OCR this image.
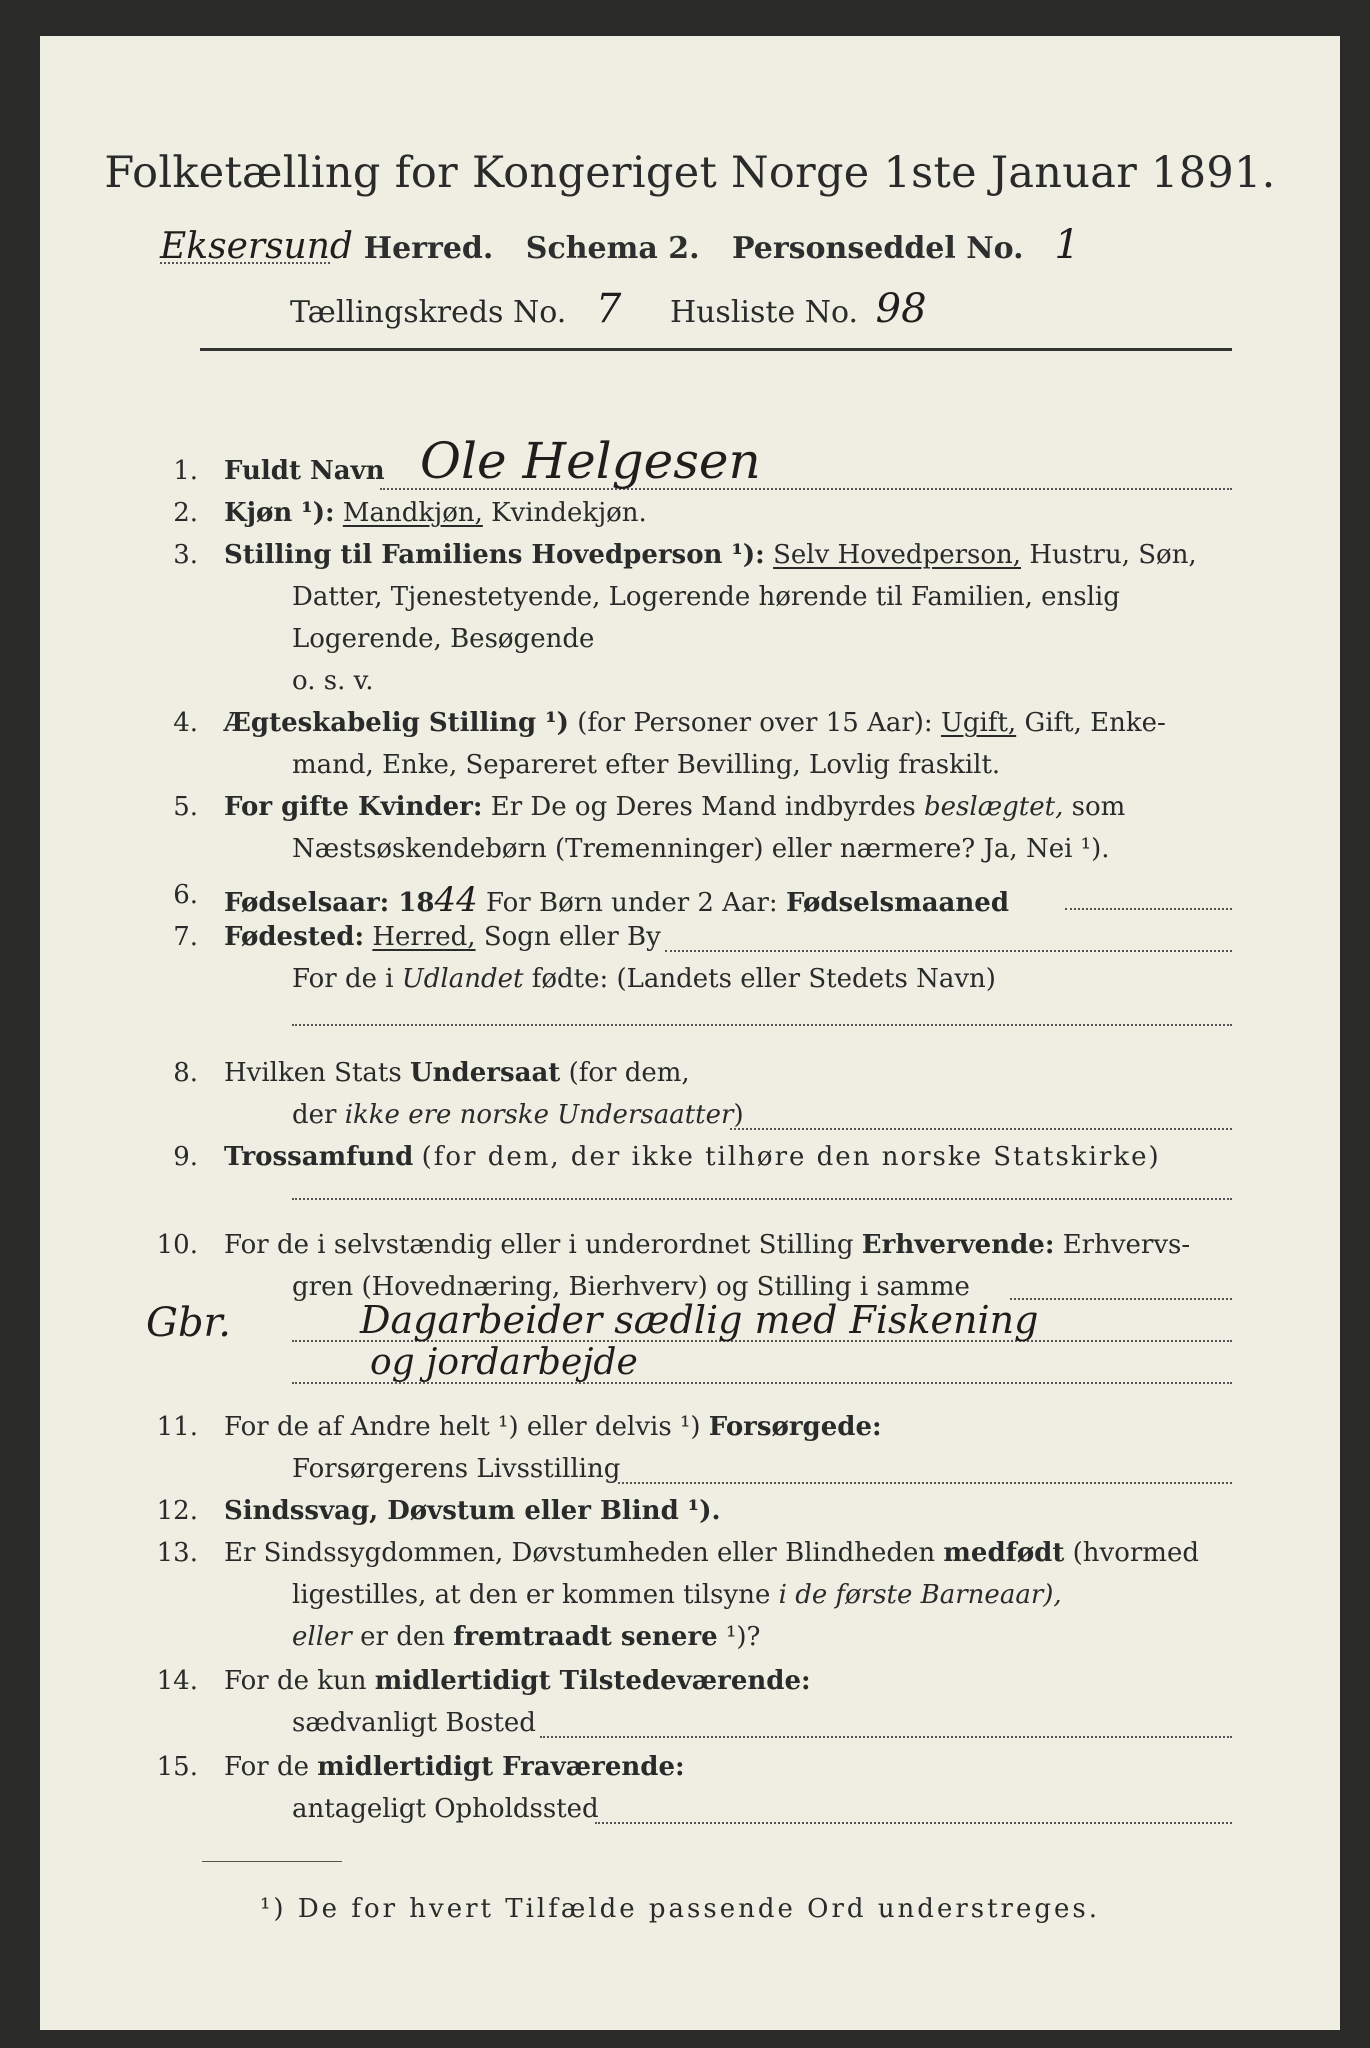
Folketælling for Kongeriget Norge 1ste Januar 1891.
Eksersund Herred. Schema 2. Personseddel No. 1
Tællingskreds No. 7 Husliste No. 98
1. Fuldt Navn Ole Helgesen
2. Kjøn ¹): Mandkjøn, Kvindekjøn.
3. Stilling til Familiens Hovedperson ¹): Selv Hovedperson, Hustru, Søn,
Datter, Tjenestetyende, Logerende hørende til Familien, enslig
Logerende, Besøgende
o. s. v.
4. Ægteskabelig Stilling ¹) (for Personer over 15 Aar): Ugift, Gift, Enke-
mand, Enke, Separeret efter Bevilling, Lovlig fraskilt.
5. For gifte Kvinder: Er De og Deres Mand indbyrdes beslægtet, som
Næstsøskendebørn (Tremenninger) eller nærmere? Ja, Nei ¹).
6. Fødselsaar: 1844 For Børn under 2 Aar: Fødselsmaaned
7. Fødested: Herred, Sogn eller By
For de i Udlandet fødte: (Landets eller Stedets Navn)
8. Hvilken Stats Undersaat (for dem,
der ikke ere norske Undersaatter)
9. Trossamfund (for dem, der ikke tilhøre den norske Statskirke)
10. For de i selvstændig eller i underordnet Stilling Erhvervende: Erhvervs-
gren (Hovednæring, Bierhverv) og Stilling i samme
Gbr.	Dagarbeider sædlig med Fiskening
og jordarbejde
11. For de af Andre helt ¹) eller delvis ¹) Forsørgede:
Forsørgerens Livsstilling
12. Sindssvag, Døvstum eller Blind ¹).
13. Er Sindssygdommen, Døvstumheden eller Blindheden medfødt (hvormed
ligestilles, at den er kommen tilsyne i de første Barneaar),
eller er den fremtraadt senere ¹)?
14. For de kun midlertidigt Tilstedeværende:
sædvanligt Bosted
15. For de midlertidigt Fraværende:
antageligt Opholdssted
¹) De for hvert Tilfælde passende Ord understreges.
